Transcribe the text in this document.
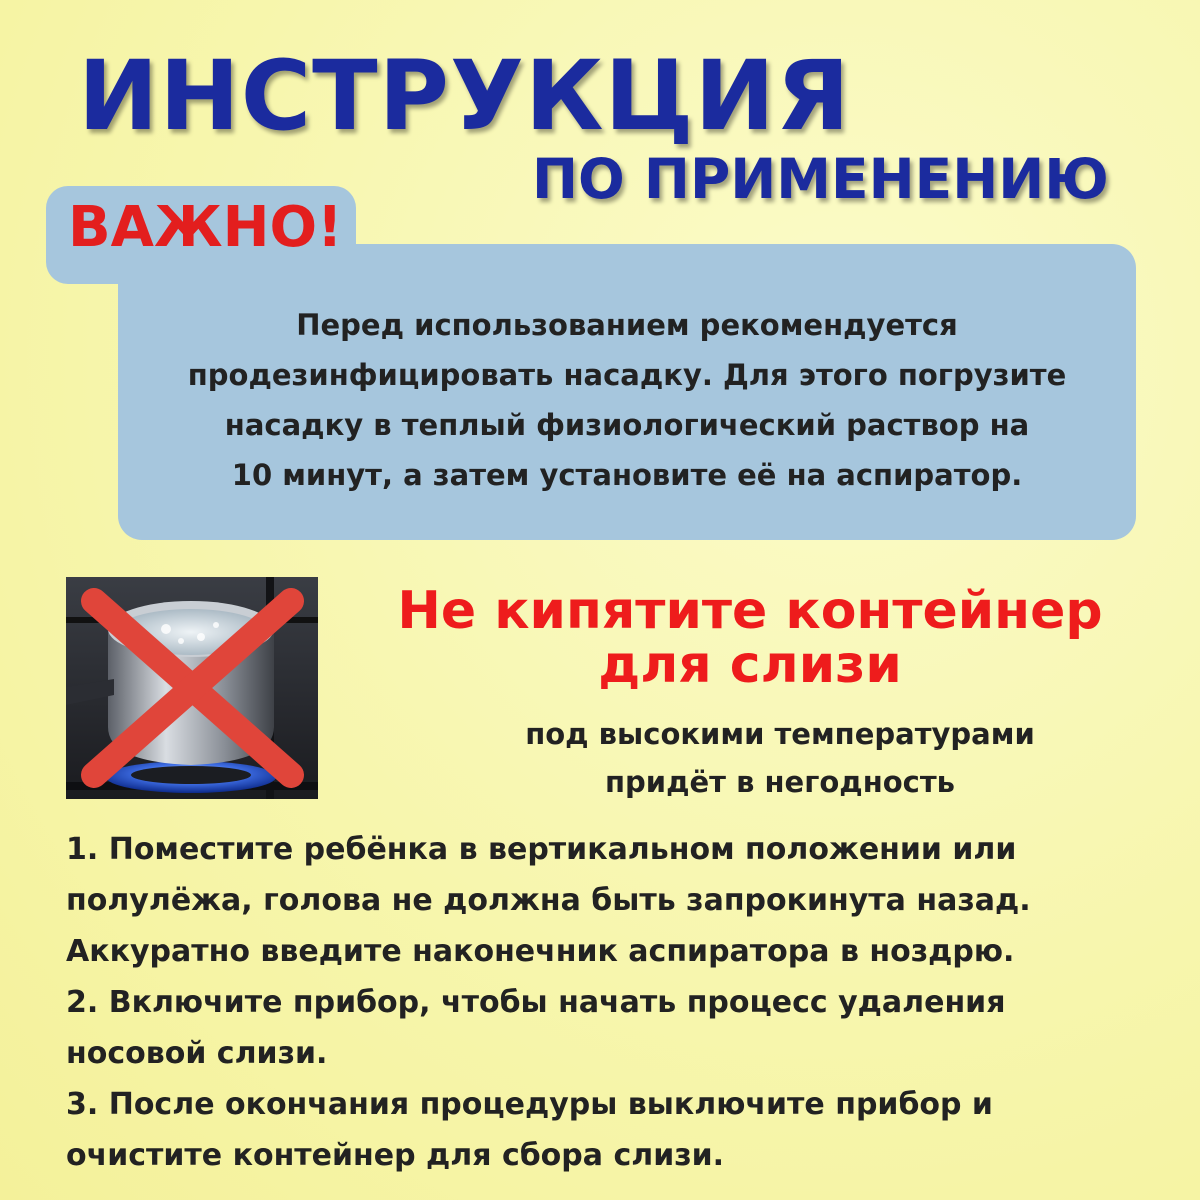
ИНСТРУКЦИЯ
ПО ПРИМЕНЕНИЮ
ВАЖНО!
Перед использованием рекомендуется
продезинфицировать насадку. Для этого погрузите
насадку в теплый физиологический раствор на
10 минут, а затем установите её на аспиратор.
Не кипятите контейнер
для слизи
под высокими температурами
придёт в негодность
1. Поместите ребёнка в вертикальном положении или
полулёжа, голова не должна быть запрокинута назад.
Аккуратно введите наконечник аспиратора в ноздрю.
2. Включите прибор, чтобы начать процесс удаления
носовой слизи.
3. После окончания процедуры выключите прибор и
очистите контейнер для сбора слизи.
